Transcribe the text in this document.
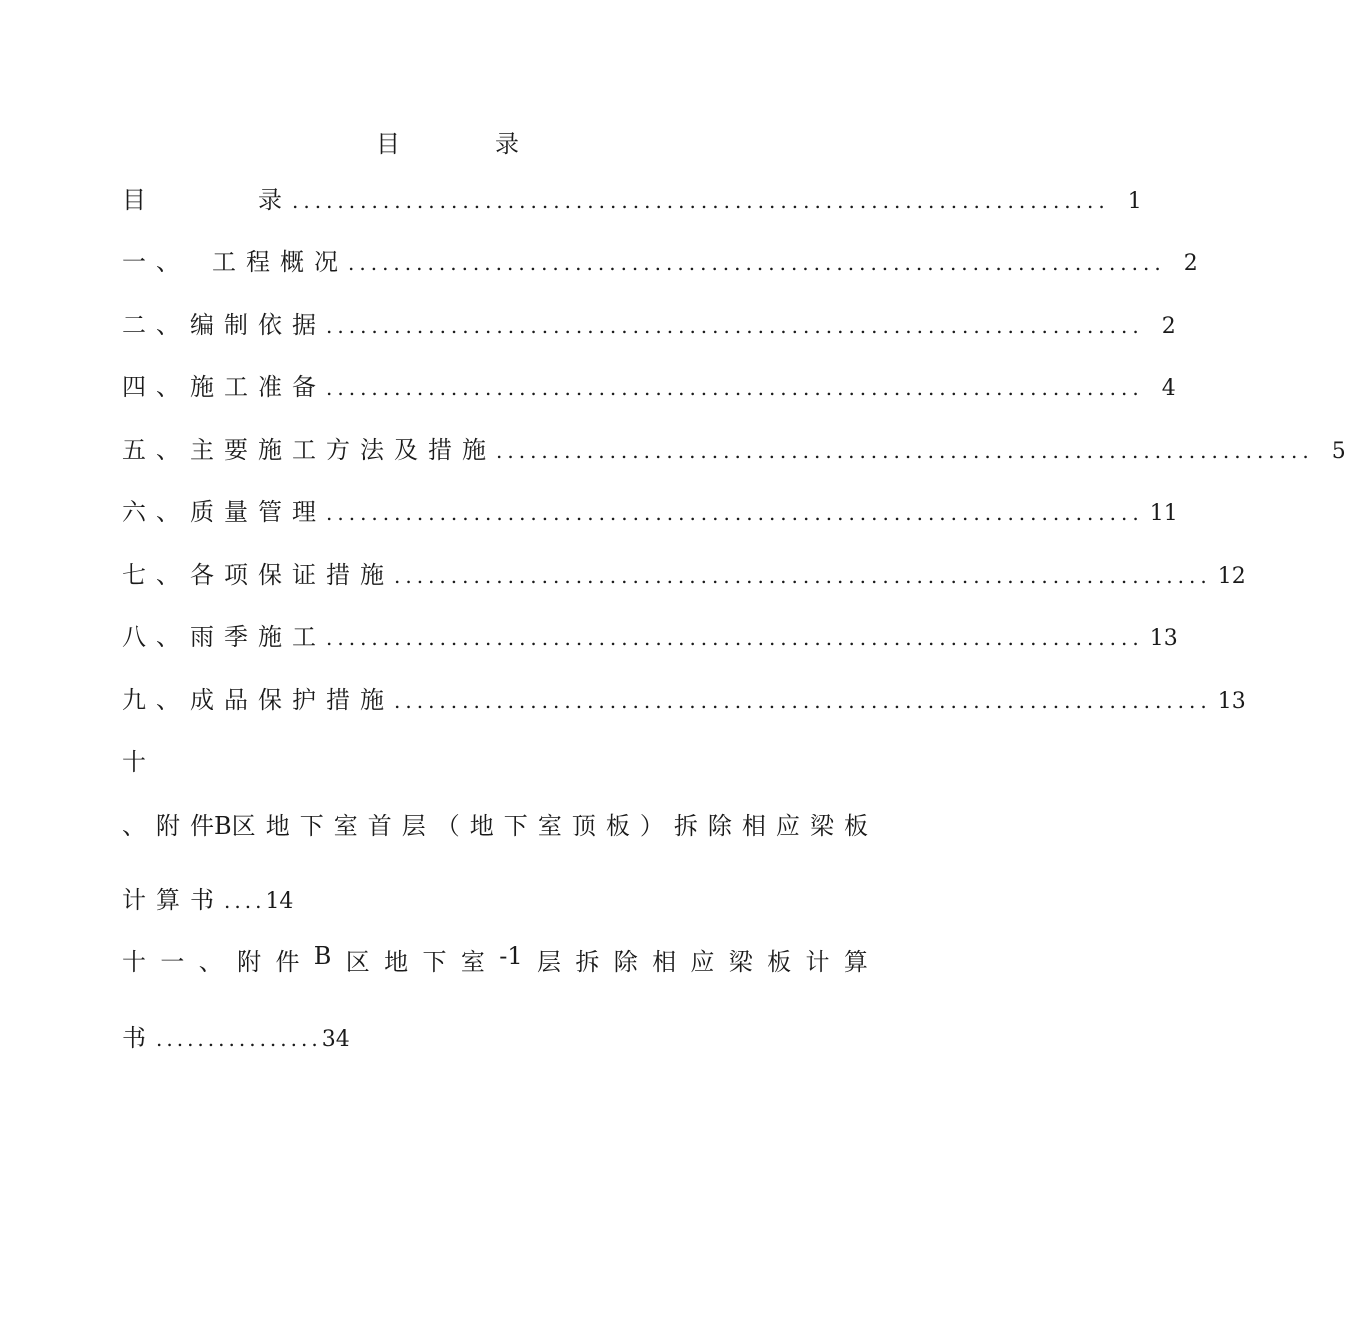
目录
目　　　录 ........................................................................ 1
一、　工程概况 ........................................................................ 2
二、编制依据 ........................................................................ 2
四、施工准备 ........................................................................ 4
五、主要施工方法及措施 ........................................................................ 5
六、质量管理 ........................................................................ 11
七、各项保证措施 ........................................................................ 12
八、雨季施工 ........................................................................ 13
九、成品保护措施 ........................................................................ 13
十
、 附 件B区 地 下 室 首 层 （ 地 下 室 顶 板 ） 拆 除 相 应 梁 板
计算书....14
十 一 、 附 件 B 区 地 下 室 -1 层 拆 除 相 应 梁 板 计 算
书................34
